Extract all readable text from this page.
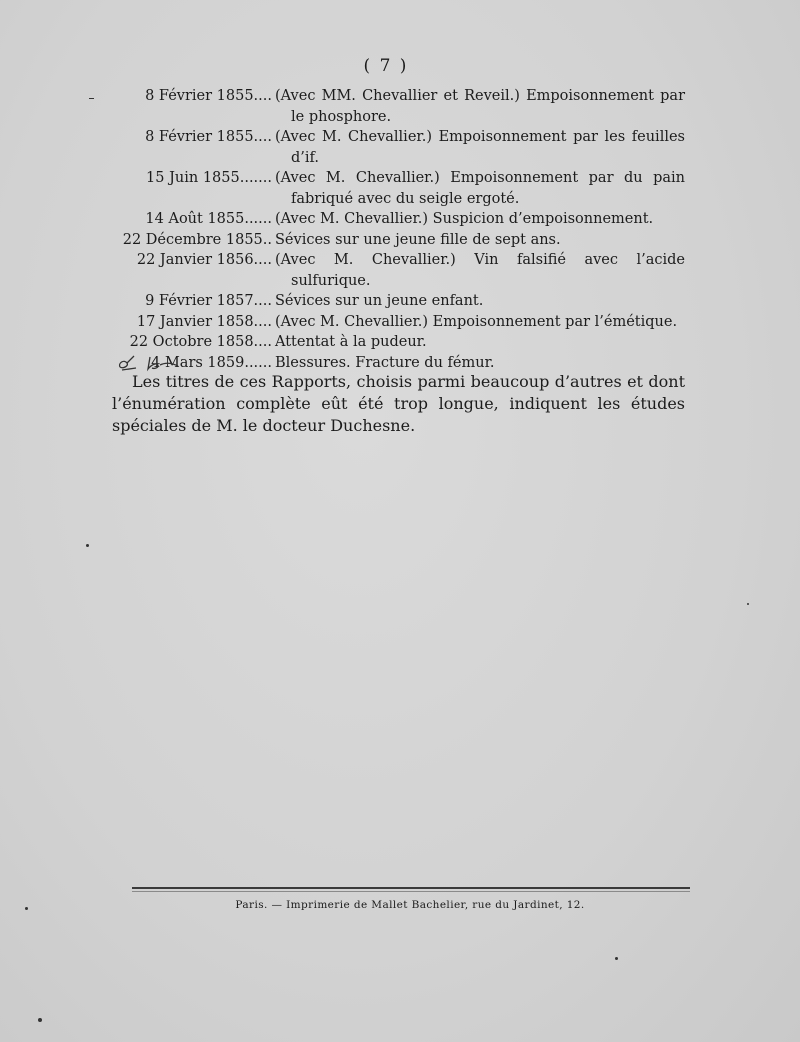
( 7 )
8 Février 1855.... (Avec MM. Chevallier et Reveil.) Empoisonnement par le phosphore.
8 Février 1855.... (Avec M. Chevallier.) Empoisonnement par les feuilles d’if.
15 Juin 1855....... (Avec M. Chevallier.) Empoisonnement par du pain fabriqué avec du seigle ergoté.
14 Août 1855...... (Avec M. Chevallier.) Suspicion d’empoisonnement.
22 Décembre 1855.. Sévices sur une jeune fille de sept ans.
22 Janvier 1856.... (Avec M. Chevallier.) Vin falsifié avec l’acide sulfurique.
9 Février 1857.... Sévices sur un jeune enfant.
17 Janvier 1858.... (Avec M. Chevallier.) Empoisonnement par l’émétique.
22 Octobre 1858.... Attentat à la pudeur.
4 Mars 1859...... Blessures. Fracture du fémur.

Les titres de ces Rapports, choisis parmi beaucoup d’autres et dont l’énumération complète eût été trop longue, indiquent les études spéciales de M. le docteur Duchesne.

Paris. — Imprimerie de Mallet Bachelier, rue du Jardinet, 12.
